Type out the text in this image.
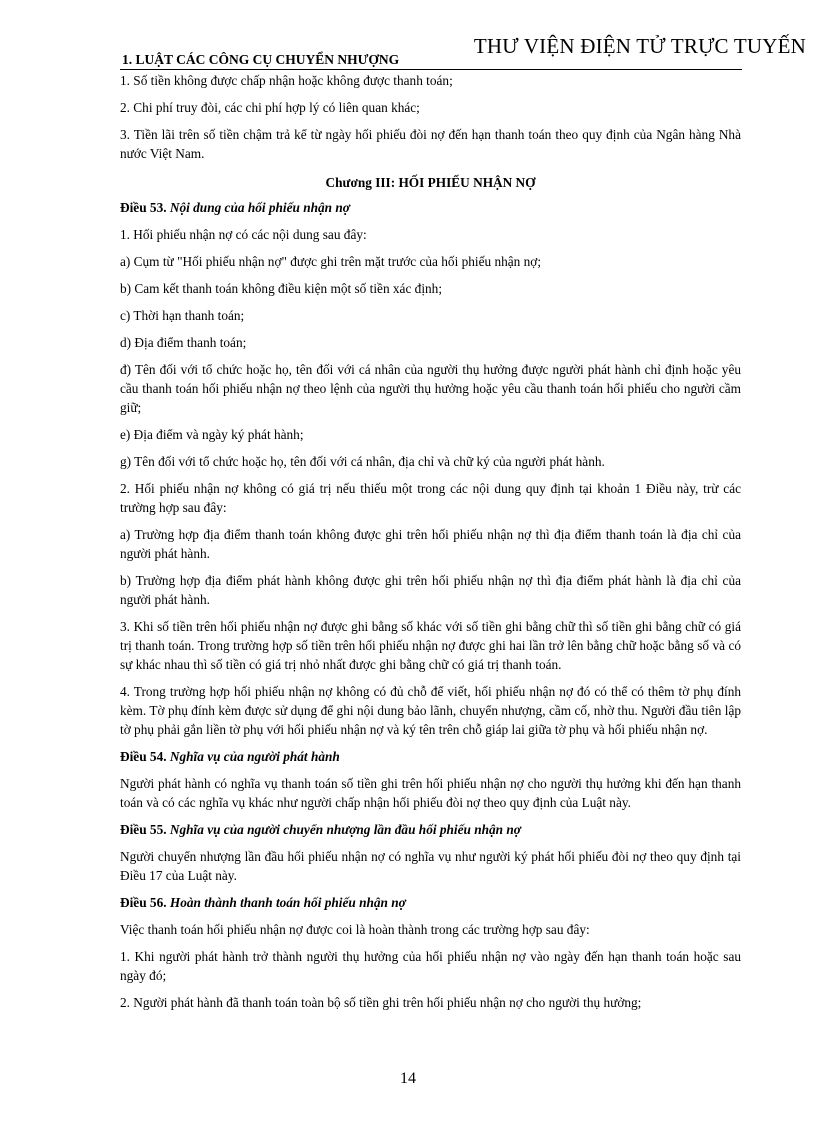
THƯ VIỆN ĐIỆN TỬ TRỰC TUYẾN
1. LUẬT CÁC CÔNG CỤ CHUYỂN NHƯỢNG

1. Số tiền không được chấp nhận hoặc không được thanh toán;

2. Chi phí truy đòi, các chi phí hợp lý có liên quan khác;

3. Tiền lãi trên số tiền chậm trả kể từ ngày hối phiếu đòi nợ đến hạn thanh toán theo quy định của Ngân hàng Nhà nước Việt Nam.

Chương III: HỐI PHIẾU NHẬN NỢ

Điều 53. Nội dung của hối phiếu nhận nợ

1. Hối phiếu nhận nợ có các nội dung sau đây:

a) Cụm từ "Hối phiếu nhận nợ" được ghi trên mặt trước của hối phiếu nhận nợ;

b) Cam kết thanh toán không điều kiện một số tiền xác định;

c) Thời hạn thanh toán;

d) Địa điểm thanh toán;

đ) Tên đối với tổ chức hoặc họ, tên đối với cá nhân của người thụ hưởng được người phát hành chỉ định hoặc yêu cầu thanh toán hối phiếu nhận nợ theo lệnh của người thụ hưởng hoặc yêu cầu thanh toán hối phiếu cho người cầm giữ;

e) Địa điểm và ngày ký phát hành;

g) Tên đối với tổ chức hoặc họ, tên đối với cá nhân, địa chỉ và chữ ký của người phát hành.

2. Hối phiếu nhận nợ không có giá trị nếu thiếu một trong các nội dung quy định tại khoản 1 Điều này, trừ các trường hợp sau đây:

a) Trường hợp địa điểm thanh toán không được ghi trên hối phiếu nhận nợ thì địa điểm thanh toán là địa chỉ của người phát hành.

b) Trường hợp địa điểm phát hành không được ghi trên hối phiếu nhận nợ thì địa điểm phát hành là địa chỉ của người phát hành.

3. Khi số tiền trên hối phiếu nhận nợ được ghi bằng số khác với số tiền ghi bằng chữ thì số tiền ghi bằng chữ có giá trị thanh toán. Trong trường hợp số tiền trên hối phiếu nhận nợ được ghi hai lần trở lên bằng chữ hoặc bằng số và có sự khác nhau thì số tiền có giá trị nhỏ nhất được ghi bằng chữ có giá trị thanh toán.

4. Trong trường hợp hối phiếu nhận nợ không có đủ chỗ để viết, hối phiếu nhận nợ đó có thể có thêm tờ phụ đính kèm. Tờ phụ đính kèm được sử dụng để ghi nội dung bảo lãnh, chuyển nhượng, cầm cố, nhờ thu. Người đầu tiên lập tờ phụ phải gắn liền tờ phụ với hối phiếu nhận nợ và ký tên trên chỗ giáp lai giữa tờ phụ và hối phiếu nhận nợ.

Điều 54. Nghĩa vụ của người phát hành

Người phát hành có nghĩa vụ thanh toán số tiền ghi trên hối phiếu nhận nợ cho người thụ hưởng khi đến hạn thanh toán và có các nghĩa vụ khác như người chấp nhận hối phiếu đòi nợ theo quy định của Luật này.

Điều 55. Nghĩa vụ của người chuyển nhượng lần đầu hối phiếu nhận nợ

Người chuyển nhượng lần đầu hối phiếu nhận nợ có nghĩa vụ như người ký phát hối phiếu đòi nợ theo quy định tại Điều 17 của Luật này.

Điều 56. Hoàn thành thanh toán hối phiếu nhận nợ

Việc thanh toán hối phiếu nhận nợ được coi là hoàn thành trong các trường hợp sau đây:

1. Khi người phát hành trở thành người thụ hưởng của hối phiếu nhận nợ vào ngày đến hạn thanh toán hoặc sau ngày đó;

2. Người phát hành đã thanh toán toàn bộ số tiền ghi trên hối phiếu nhận nợ cho người thụ hưởng;

14
